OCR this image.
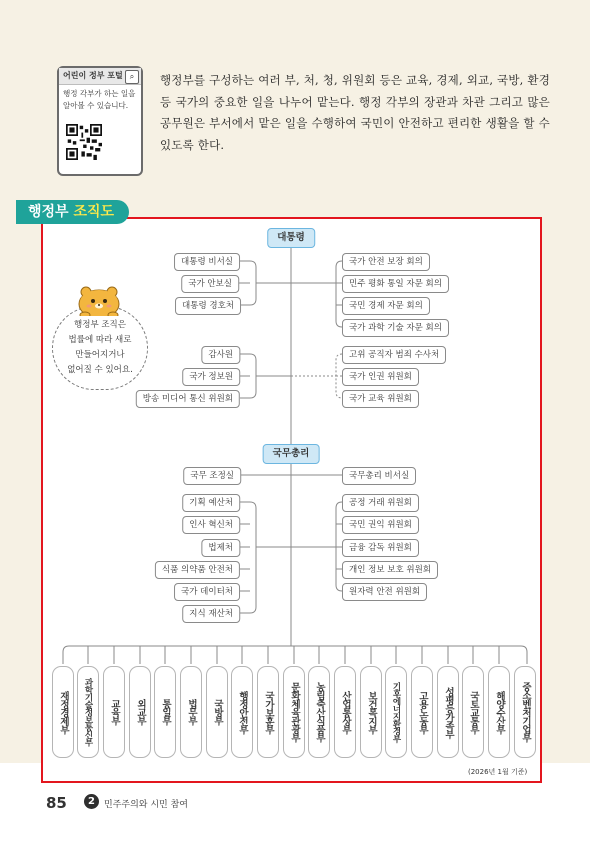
어린이 정부 포털 ⌕
행정 각부가 하는 일을 알아볼 수 있습니다.
행정부를 구성하는 여러 부, 처, 청, 위원회 등은 교육, 경제, 외교, 국방, 환경 등 국가의 중요한 일을 나누어 맡는다. 행정 각부의 장관과 차관 그리고 많은 공무원은 부서에서 맡은 일을 수행하여 국민이 안전하고 편리한 생활을 할 수 있도록 한다.
행정부 조직도
대통령
국무총리
대통령 비서실
국가 안보실
대통령 경호처
감사원
국가 정보원
방송 미디어 통신 위원회
국가 안전 보장 회의
민주 평화 통일 자문 회의
국민 경제 자문 회의
국가 과학 기술 자문 회의
고위 공직자 범죄 수사처
국가 인권 위원회
국가 교육 위원회
국무 조정실	국무총리 비서실
기획 예산처
인사 혁신처
법제처
식품 의약품 안전처
국가 데이터처
지식 재산처
공정 거래 위원회
국민 권익 위원회
금융 감독 위원회
개인 정보 보호 위원회
원자력 안전 위원회
행정부 조직은
법률에 따라 새로
만들어지거나
없어질 수 있어요.
재정경제부 과학기술정보통신부 교육부 외교부 통일부 법무부 국방부 행정안전부 국가보훈부 문화체육관광부 농림축산식품부 산업통상부 보건복지부 기후에너지환경부 고용노동부 성평등가족부 국토교통부 해양수산부 중소벤처기업부
(2026년 1월 기준)
85	2	민주주의와 시민 참여
